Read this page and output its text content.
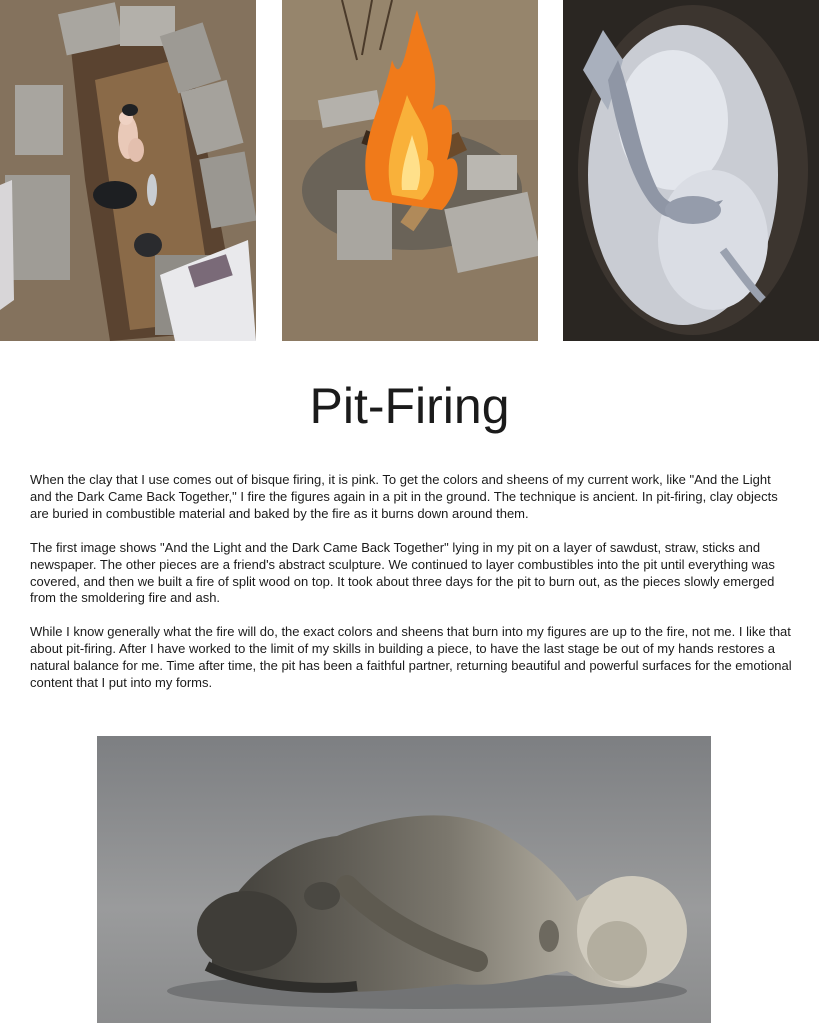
Pit-Firing

When the clay that I use comes out of bisque firing, it is pink. To get the colors and sheens of my current work, like "And the Light and the Dark Came Back Together," I fire the figures again in a pit in the ground. The technique is ancient. In pit-firing, clay objects are buried in combustible material and baked by the fire as it burns down around them.

The first image shows "And the Light and the Dark Came Back Together" lying in my pit on a layer of sawdust, straw, sticks and newspaper. The other pieces are a friend's abstract sculpture. We continued to layer combustibles into the pit until everything was covered, and then we built a fire of split wood on top. It took about three days for the pit to burn out, as the pieces slowly emerged from the smoldering fire and ash.

While I know generally what the fire will do, the exact colors and sheens that burn into my figures are up to the fire, not me. I like that about pit-firing. After I have worked to the limit of my skills in building a piece, to have the last stage be out of my hands restores a natural balance for me. Time after time, the pit has been a faithful partner, returning beautiful and powerful surfaces for the emotional content that I put into my forms.
